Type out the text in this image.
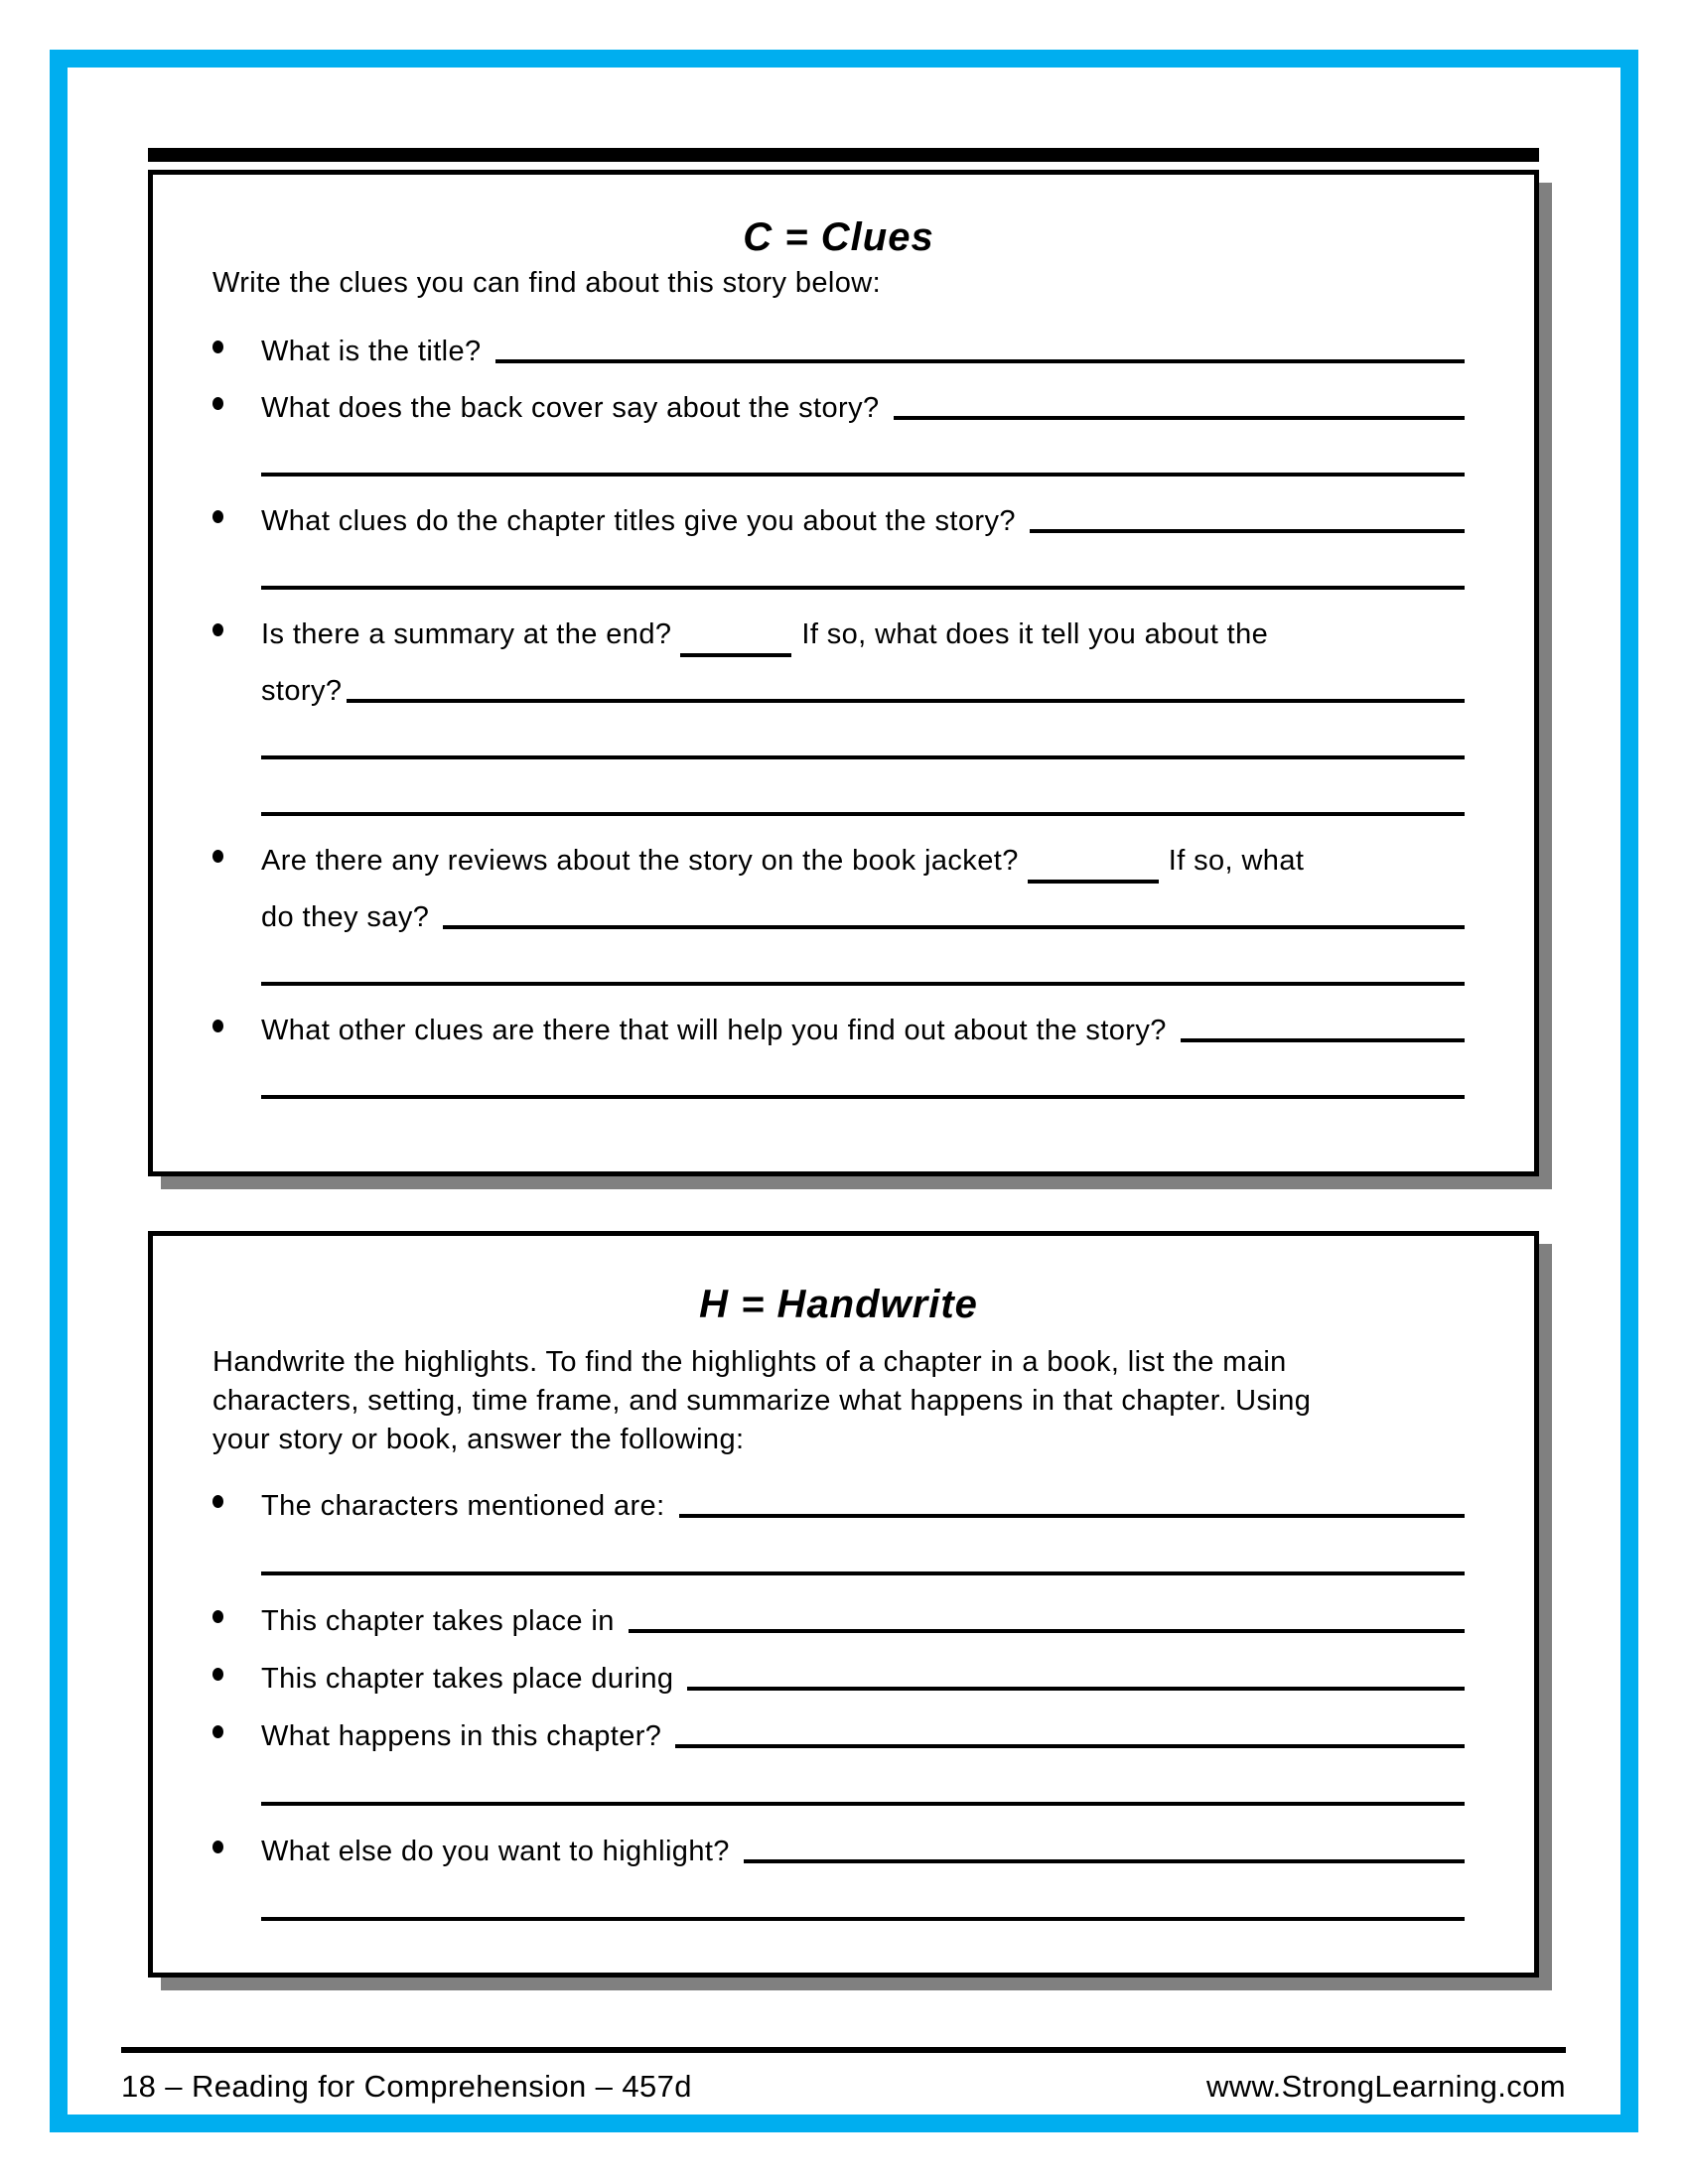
C = Clues
Write the clues you can find about this story below:
What is the title?
What does the back cover say about the story?
What clues do the chapter titles give you about the story?
Is there a summary at the end?	If so, what does it tell you about the
story?
Are there any reviews about the story on the book jacket?	If so, what
do they say?
What other clues are there that will help you find out about the story?
H = Handwrite
Handwrite the highlights. To find the highlights of a chapter in a book, list the main
characters, setting, time frame, and summarize what happens in that chapter. Using
your story or book, answer the following:
The characters mentioned are:
This chapter takes place in
This chapter takes place during
What happens in this chapter?
What else do you want to highlight?
18 – Reading for Comprehension – 457d	www.StrongLearning.com
